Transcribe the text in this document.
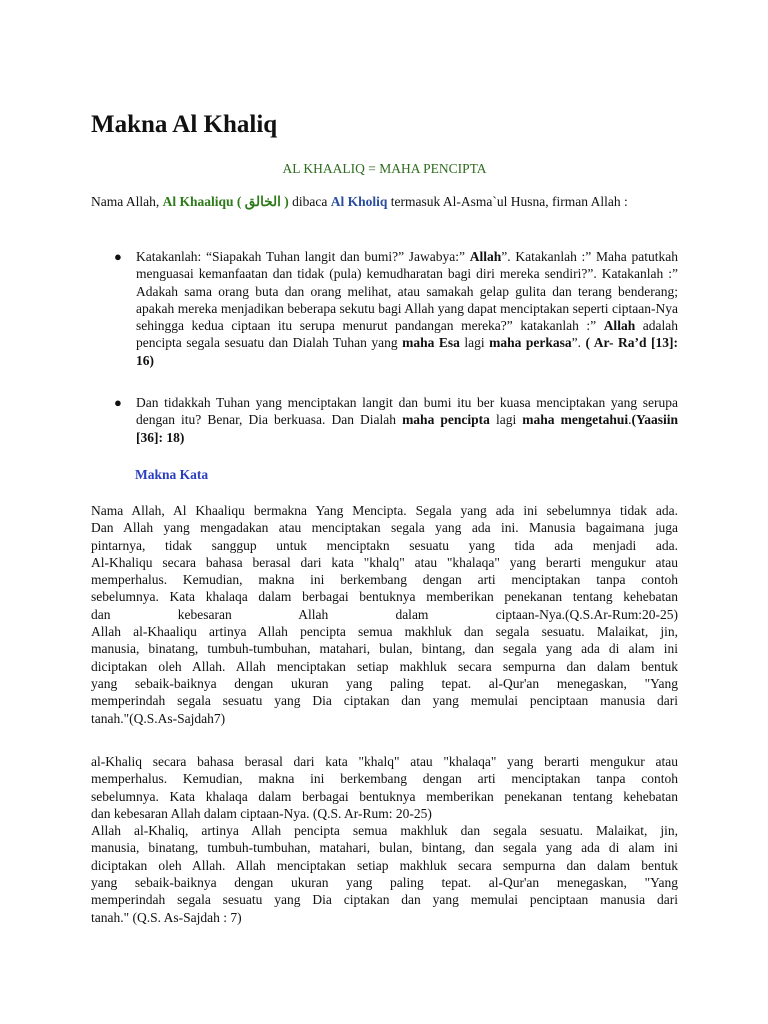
Makna Al Khaliq
AL KHAALIQ = MAHA PENCIPTA

Nama Allah, Al Khaaliqu ( الخالق ) dibaca Al Kholiq termasuk Al-Asma`ul Husna, firman Allah :

● Katakanlah: “Siapakah Tuhan langit dan bumi?” Jawabya:” Allah”. Katakanlah :” Maha patutkah menguasai kemanfaatan dan tidak (pula) kemudharatan bagi diri mereka sendiri?”. Katakanlah :” Adakah sama orang buta dan orang melihat, atau samakah gelap gulita dan terang benderang; apakah mereka menjadikan beberapa sekutu bagi Allah yang dapat menciptakan seperti ciptaan-Nya sehingga kedua ciptaan itu serupa menurut pandangan mereka?” katakanlah :” Allah adalah pencipta segala sesuatu dan Dialah Tuhan yang maha Esa lagi maha perkasa”. ( Ar- Ra’d [13]: 16)

● Dan tidakkah Tuhan yang menciptakan langit dan bumi itu ber kuasa menciptakan yang serupa dengan itu? Benar, Dia berkuasa. Dan Dialah maha pencipta lagi maha mengetahui.(Yaasiin [36]: 18)

Makna Kata
Nama Allah, Al Khaaliqu bermakna Yang Mencipta. Segala yang ada ini sebelumnya tidak ada.
Dan Allah yang mengadakan atau menciptakan segala yang ada ini. Manusia bagaimana juga
pintarnya, tidak sanggup untuk menciptakn sesuatu yang tida ada menjadi ada.
Al-Khaliqu secara bahasa berasal dari kata "khalq" atau "khalaqa" yang berarti mengukur atau
memperhalus. Kemudian, makna ini berkembang dengan arti menciptakan tanpa contoh
sebelumnya. Kata khalaqa dalam berbagai bentuknya memberikan penekanan tentang kehebatan
dan kebesaran Allah dalam ciptaan-Nya.(Q.S.Ar-Rum:20-25)
Allah al-Khaaliqu artinya Allah pencipta semua makhluk dan segala sesuatu. Malaikat, jin,
manusia, binatang, tumbuh-tumbuhan, matahari, bulan, bintang, dan segala yang ada di alam ini
diciptakan oleh Allah. Allah menciptakan setiap makhluk secara sempurna dan dalam bentuk
yang sebaik-baiknya dengan ukuran yang paling tepat. al-Qur'an menegaskan, "Yang
memperindah segala sesuatu yang Dia ciptakan dan yang memulai penciptaan manusia dari
tanah."(Q.S.As-Sajdah7)
al-Khaliq secara bahasa berasal dari kata "khalq" atau "khalaqa" yang berarti mengukur atau
memperhalus. Kemudian, makna ini berkembang dengan arti menciptakan tanpa contoh
sebelumnya. Kata khalaqa dalam berbagai bentuknya memberikan penekanan tentang kehebatan
dan kebesaran Allah dalam ciptaan-Nya. (Q.S. Ar-Rum: 20-25)
Allah al-Khaliq, artinya Allah pencipta semua makhluk dan segala sesuatu. Malaikat, jin,
manusia, binatang, tumbuh-tumbuhan, matahari, bulan, bintang, dan segala yang ada di alam ini
diciptakan oleh Allah. Allah menciptakan setiap makhluk secara sempurna dan dalam bentuk
yang sebaik-baiknya dengan ukuran yang paling tepat. al-Qur'an menegaskan, "Yang
memperindah segala sesuatu yang Dia ciptakan dan yang memulai penciptaan manusia dari
tanah." (Q.S. As-Sajdah : 7)
